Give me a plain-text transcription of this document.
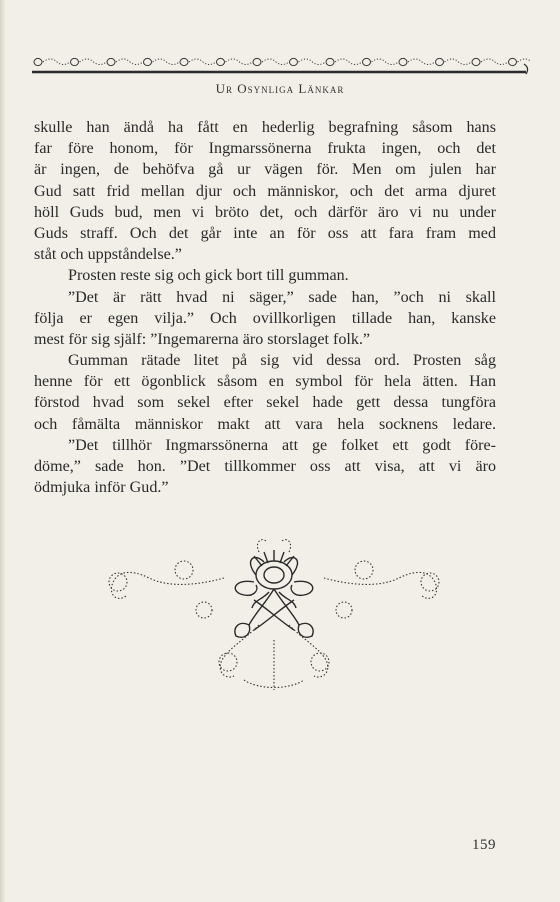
Ur Osynliga Länkar
skulle han ändå ha fått en hederlig begrafning såsom hans
far före honom, för Ingmarssönerna frukta ingen, och det
är ingen, de behöfva gå ur vägen för. Men om julen har
Gud satt frid mellan djur och människor, och det arma djuret
höll Guds bud, men vi bröto det, och därför äro vi nu under
Guds straff. Och det går inte an för oss att fara fram med
ståt och uppståndelse.”
Prosten reste sig och gick bort till gumman.
”Det är rätt hvad ni säger,” sade han, ”och ni skall
följa er egen vilja.” Och ovillkorligen tillade han, kanske
mest för sig själf: ”Ingemarerna äro storslaget folk.”
Gumman rätade litet på sig vid dessa ord. Prosten såg
henne för ett ögonblick såsom en symbol för hela ätten. Han
förstod hvad som sekel efter sekel hade gett dessa tungföra
och fåmälta människor makt att vara hela socknens ledare.
”Det tillhör Ingmarssönerna att ge folket ett godt före-
döme,” sade hon. ”Det tillkommer oss att visa, att vi äro
ödmjuka inför Gud.”
159
